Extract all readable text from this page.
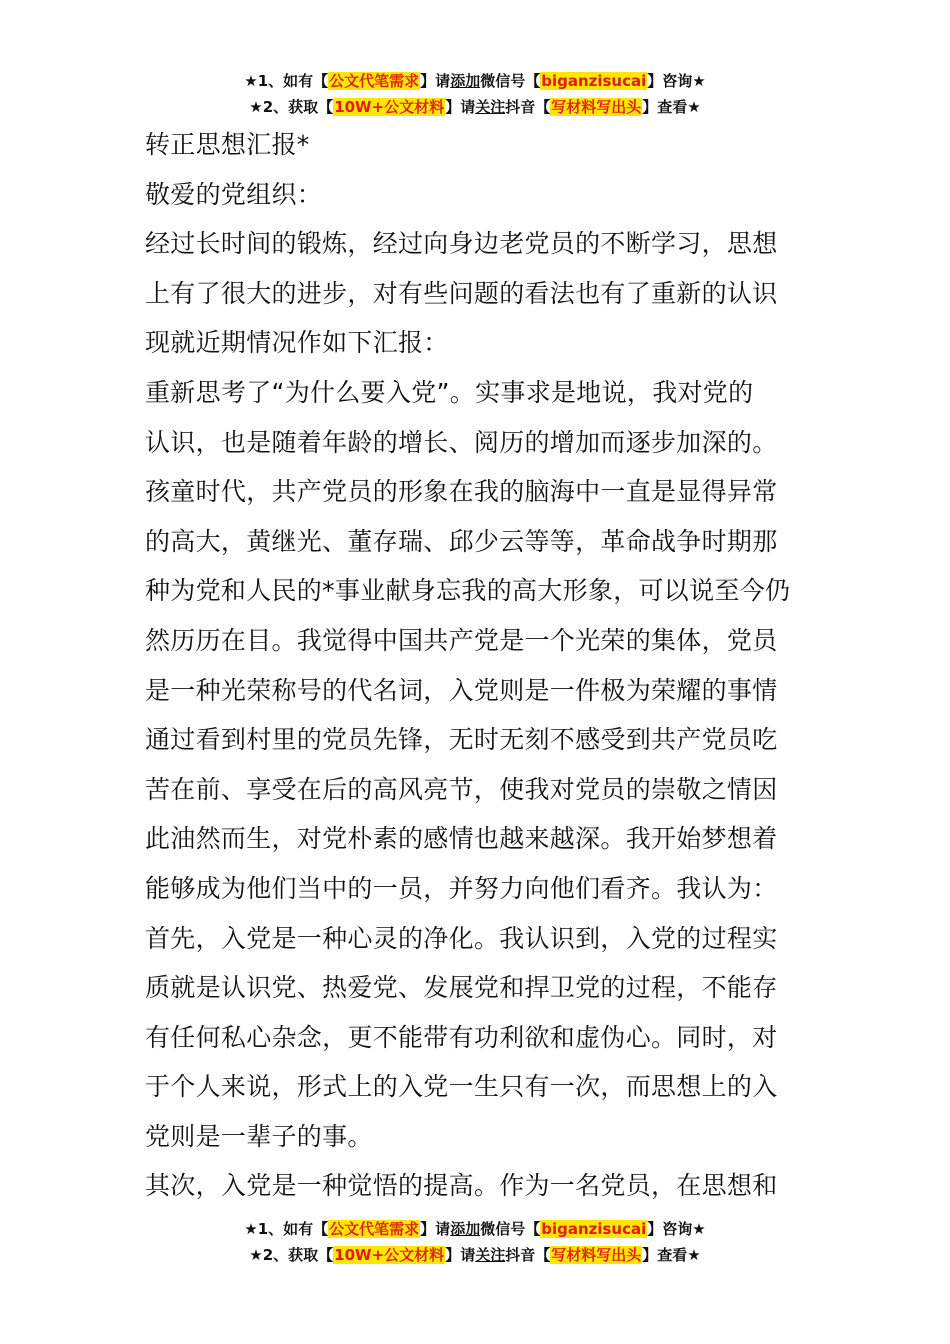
★1、如有【公文代笔需求】请添加微信号【biganzisucai】咨询★
★2、获取【10W+公文材料】请关注抖音【写材料写出头】查看★
转正思想汇报*
敬爱的党组织：
经过长时间的锻炼，经过向身边老党员的不断学习，思想
上有了很大的进步，对有些问题的看法也有了重新的认识
现就近期情况作如下汇报：
重新思考了“为什么要入党”。实事求是地说，我对党的
认识，也是随着年龄的增长、阅历的增加而逐步加深的。
孩童时代，共产党员的形象在我的脑海中一直是显得异常
的高大，黄继光、董存瑞、邱少云等等，革命战争时期那
种为党和人民的*事业献身忘我的高大形象，可以说至今仍
然历历在目。我觉得中国共产党是一个光荣的集体，党员
是一种光荣称号的代名词，入党则是一件极为荣耀的事情
通过看到村里的党员先锋，无时无刻不感受到共产党员吃
苦在前、享受在后的高风亮节，使我对党员的崇敬之情因
此油然而生，对党朴素的感情也越来越深。我开始梦想着
能够成为他们当中的一员，并努力向他们看齐。我认为：
首先，入党是一种心灵的净化。我认识到，入党的过程实
质就是认识党、热爱党、发展党和捍卫党的过程，不能存
有任何私心杂念，更不能带有功利欲和虚伪心。同时，对
于个人来说，形式上的入党一生只有一次，而思想上的入
党则是一辈子的事。
其次，入党是一种觉悟的提高。作为一名党员，在思想和
★1、如有【公文代笔需求】请添加微信号【biganzisucai】咨询★
★2、获取【10W+公文材料】请关注抖音【写材料写出头】查看★
